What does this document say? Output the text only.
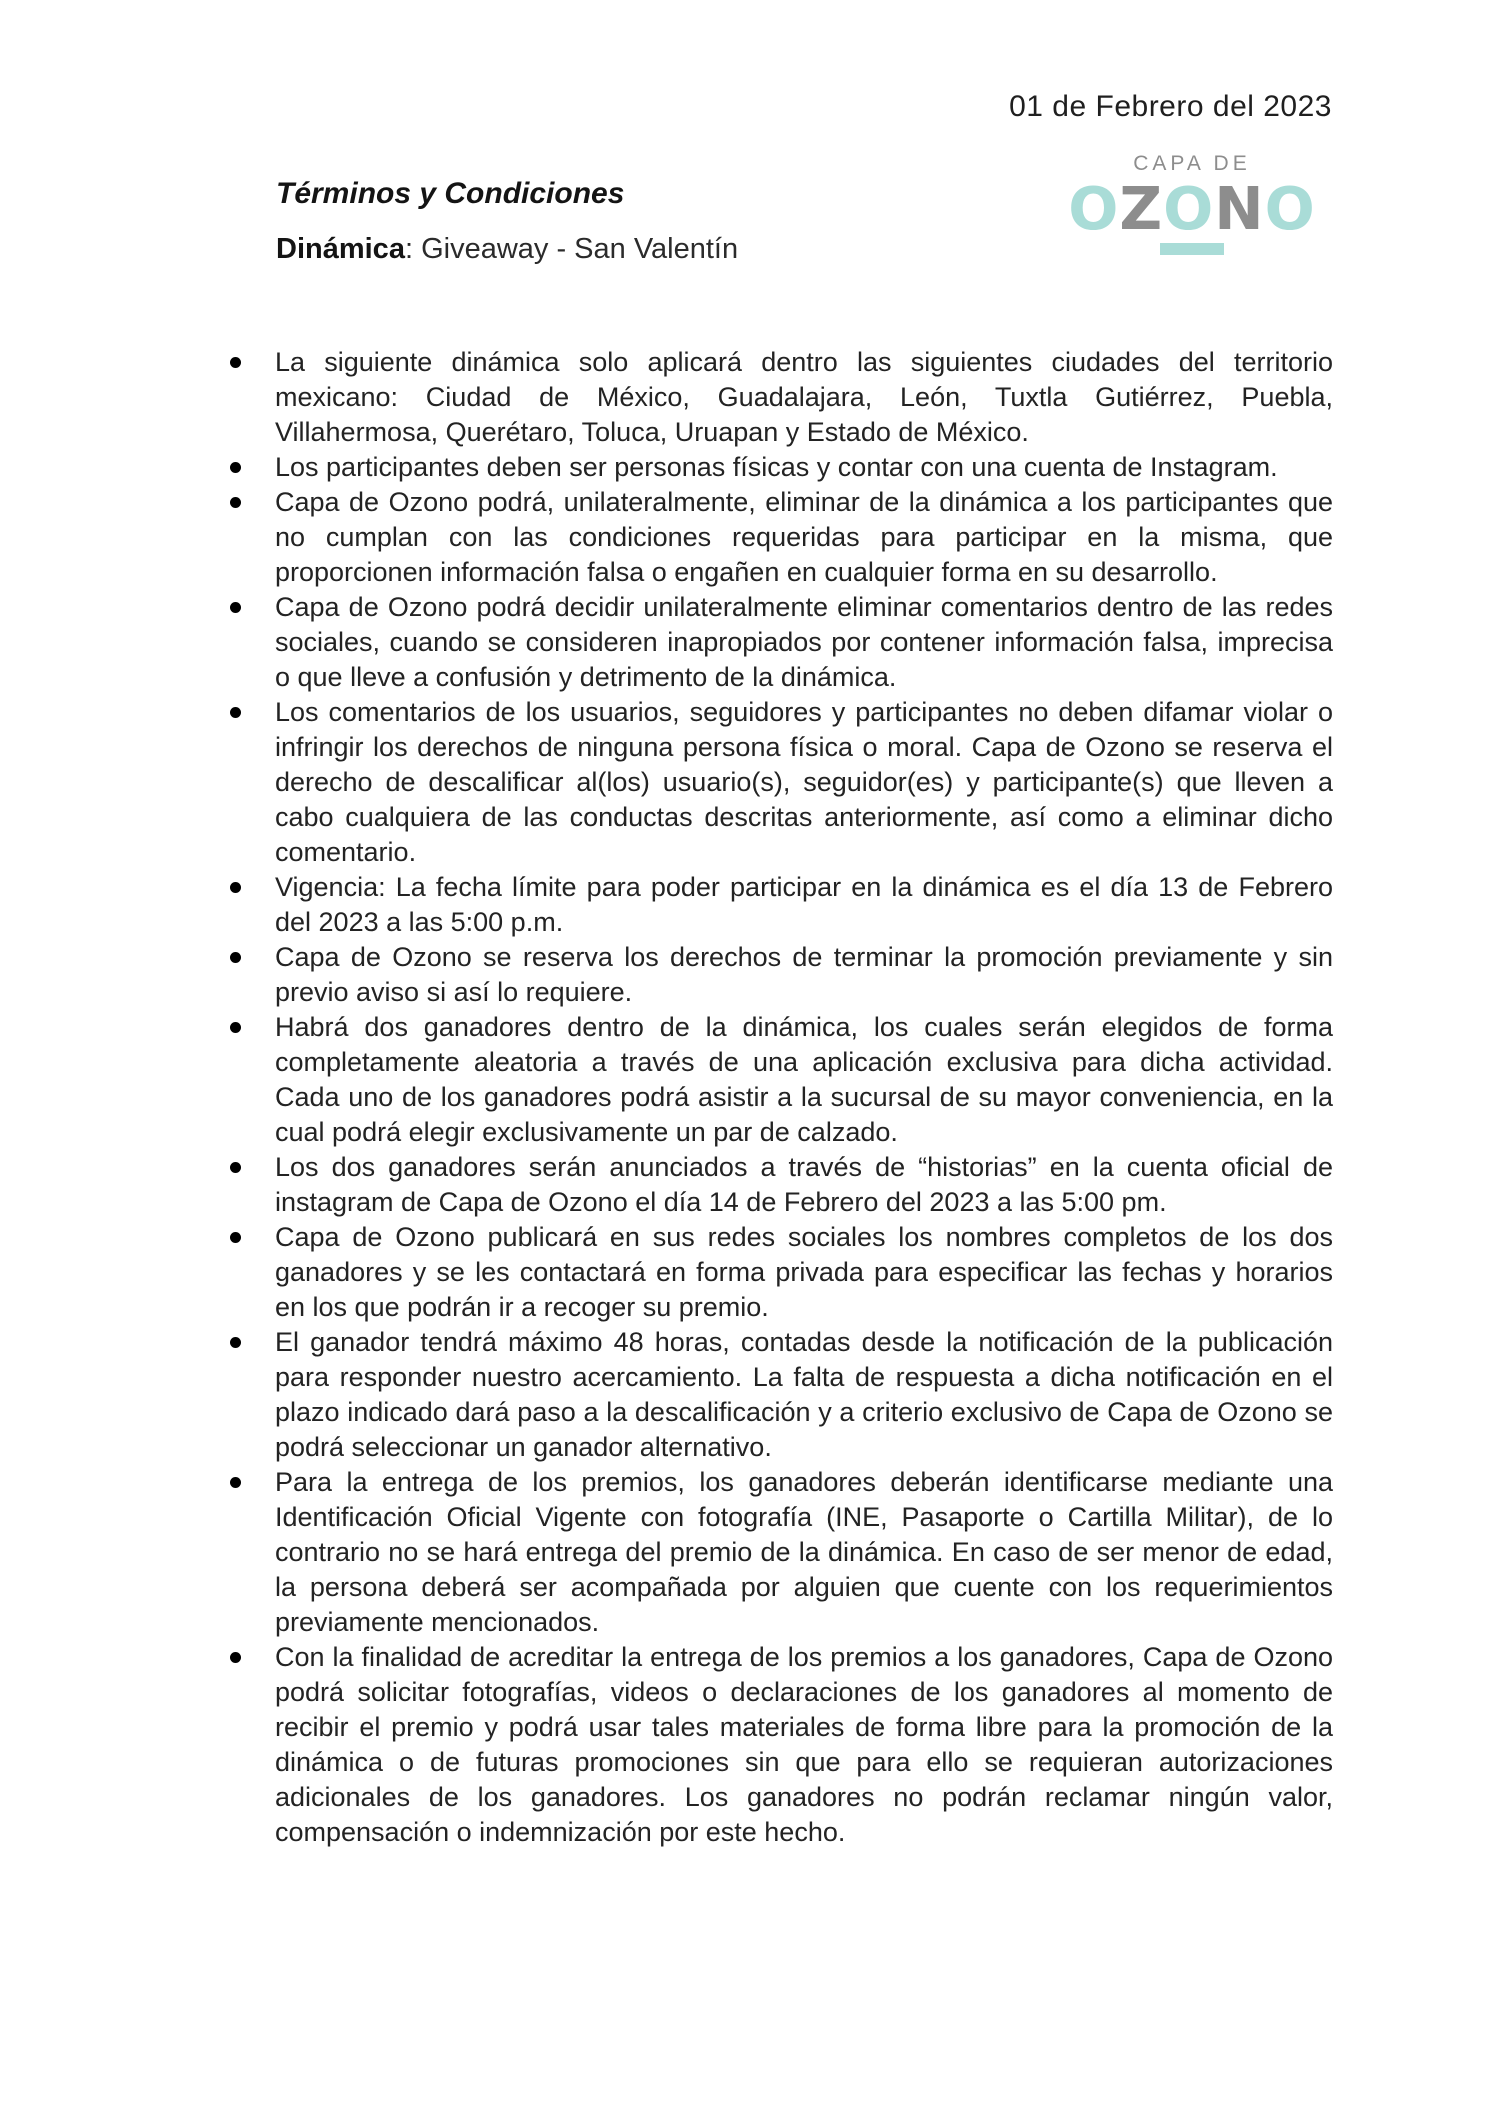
01 de Febrero del 2023
CAPA DE
OZONO
Términos y Condiciones
Dinámica: Giveaway - San Valentín
La siguiente dinámica solo aplicará dentro las siguientes ciudades del territorio mexicano: Ciudad de México, Guadalajara, León, Tuxtla Gutiérrez, Puebla, Villahermosa, Querétaro, Toluca, Uruapan y Estado de México.
Los participantes deben ser personas físicas y contar con una cuenta de Instagram.
Capa de Ozono podrá, unilateralmente, eliminar de la dinámica a los participantes que no cumplan con las condiciones requeridas para participar en la misma, que proporcionen información falsa o engañen en cualquier forma en su desarrollo.
Capa de Ozono podrá decidir unilateralmente eliminar comentarios dentro de las redes sociales, cuando se consideren inapropiados por contener información falsa, imprecisa o que lleve a confusión y detrimento de la dinámica.
Los comentarios de los usuarios, seguidores y participantes no deben difamar violar o infringir los derechos de ninguna persona física o moral. Capa de Ozono se reserva el derecho de descalificar al(los) usuario(s), seguidor(es) y participante(s) que lleven a cabo cualquiera de las conductas descritas anteriormente, así como a eliminar dicho comentario.
Vigencia: La fecha límite para poder participar en la dinámica es el día 13 de Febrero del 2023 a las 5:00 p.m.
Capa de Ozono se reserva los derechos de terminar la promoción previamente y sin previo aviso si así lo requiere.
Habrá dos ganadores dentro de la dinámica, los cuales serán elegidos de forma completamente aleatoria a través de una aplicación exclusiva para dicha actividad. Cada uno de los ganadores podrá asistir a la sucursal de su mayor conveniencia, en la cual podrá elegir exclusivamente un par de calzado.
Los dos ganadores serán anunciados a través de “historias” en la cuenta oficial de instagram de Capa de Ozono el día 14 de Febrero del 2023 a las 5:00 pm.
Capa de Ozono publicará en sus redes sociales los nombres completos de los dos ganadores y se les contactará en forma privada para especificar las fechas y horarios en los que podrán ir a recoger su premio.
El ganador tendrá máximo 48 horas, contadas desde la notificación de la publicación para responder nuestro acercamiento. La falta de respuesta a dicha notificación en el plazo indicado dará paso a la descalificación y a criterio exclusivo de Capa de Ozono se podrá seleccionar un ganador alternativo.
Para la entrega de los premios, los ganadores deberán identificarse mediante una Identificación Oficial Vigente con fotografía (INE, Pasaporte o Cartilla Militar), de lo contrario no se hará entrega del premio de la dinámica. En caso de ser menor de edad, la persona deberá ser acompañada por alguien que cuente con los requerimientos previamente mencionados.
Con la finalidad de acreditar la entrega de los premios a los ganadores, Capa de Ozono podrá solicitar fotografías, videos o declaraciones de los ganadores al momento de recibir el premio y podrá usar tales materiales de forma libre para la promoción de la dinámica o de futuras promociones sin que para ello se requieran autorizaciones adicionales de los ganadores. Los ganadores no podrán reclamar ningún valor, compensación o indemnización por este hecho.
